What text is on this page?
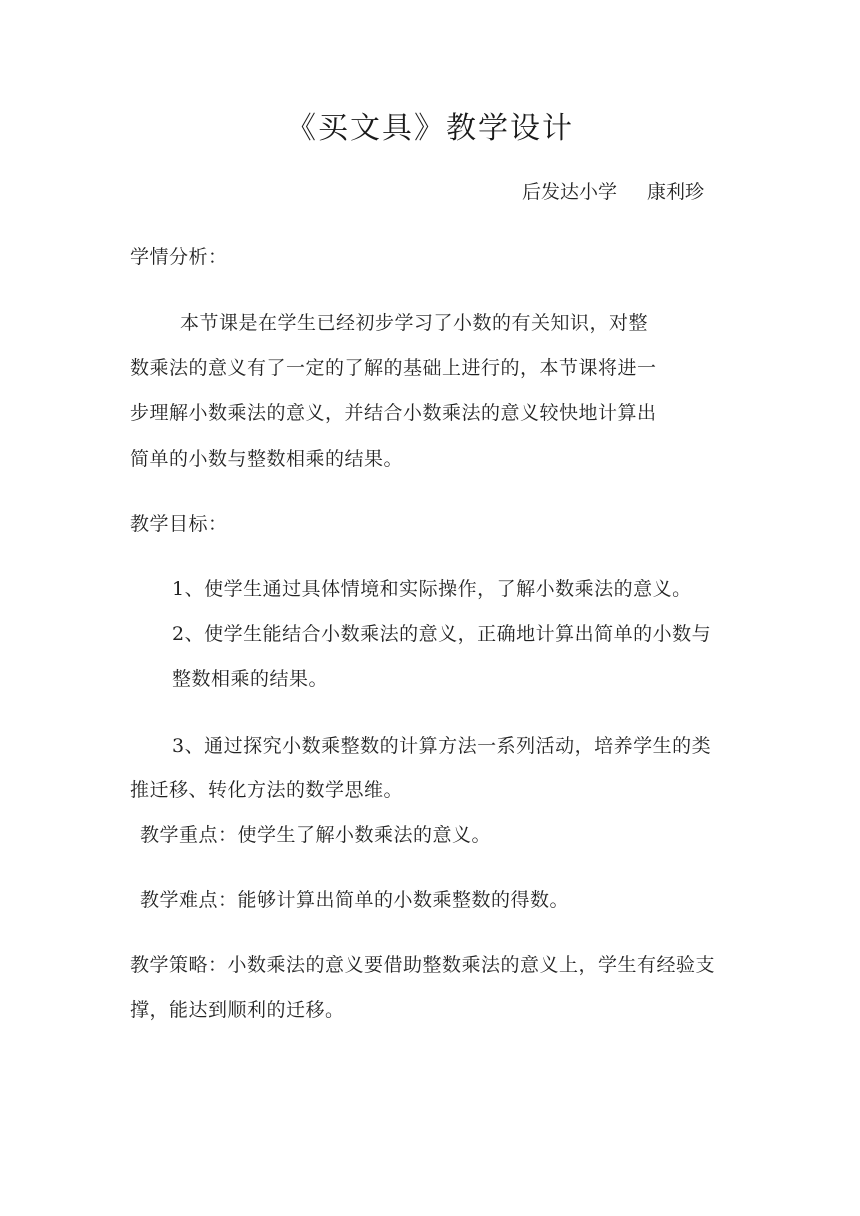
《买文具》教学设计
后发达小学 康利珍
学情分析：
本节课是在学生已经初步学习了小数的有关知识，对整
数乘法的意义有了一定的了解的基础上进行的，本节课将进一
步理解小数乘法的意义，并结合小数乘法的意义较快地计算出
简单的小数与整数相乘的结果。
教学目标：
1、使学生通过具体情境和实际操作，了解小数乘法的意义。
2、使学生能结合小数乘法的意义，正确地计算出简单的小数与
整数相乘的结果。
3、通过探究小数乘整数的计算方法一系列活动，培养学生的类
推迁移、转化方法的数学思维。
教学重点：使学生了解小数乘法的意义。
教学难点：能够计算出简单的小数乘整数的得数。
教学策略：小数乘法的意义要借助整数乘法的意义上，学生有经验支
撑，能达到顺利的迁移。
